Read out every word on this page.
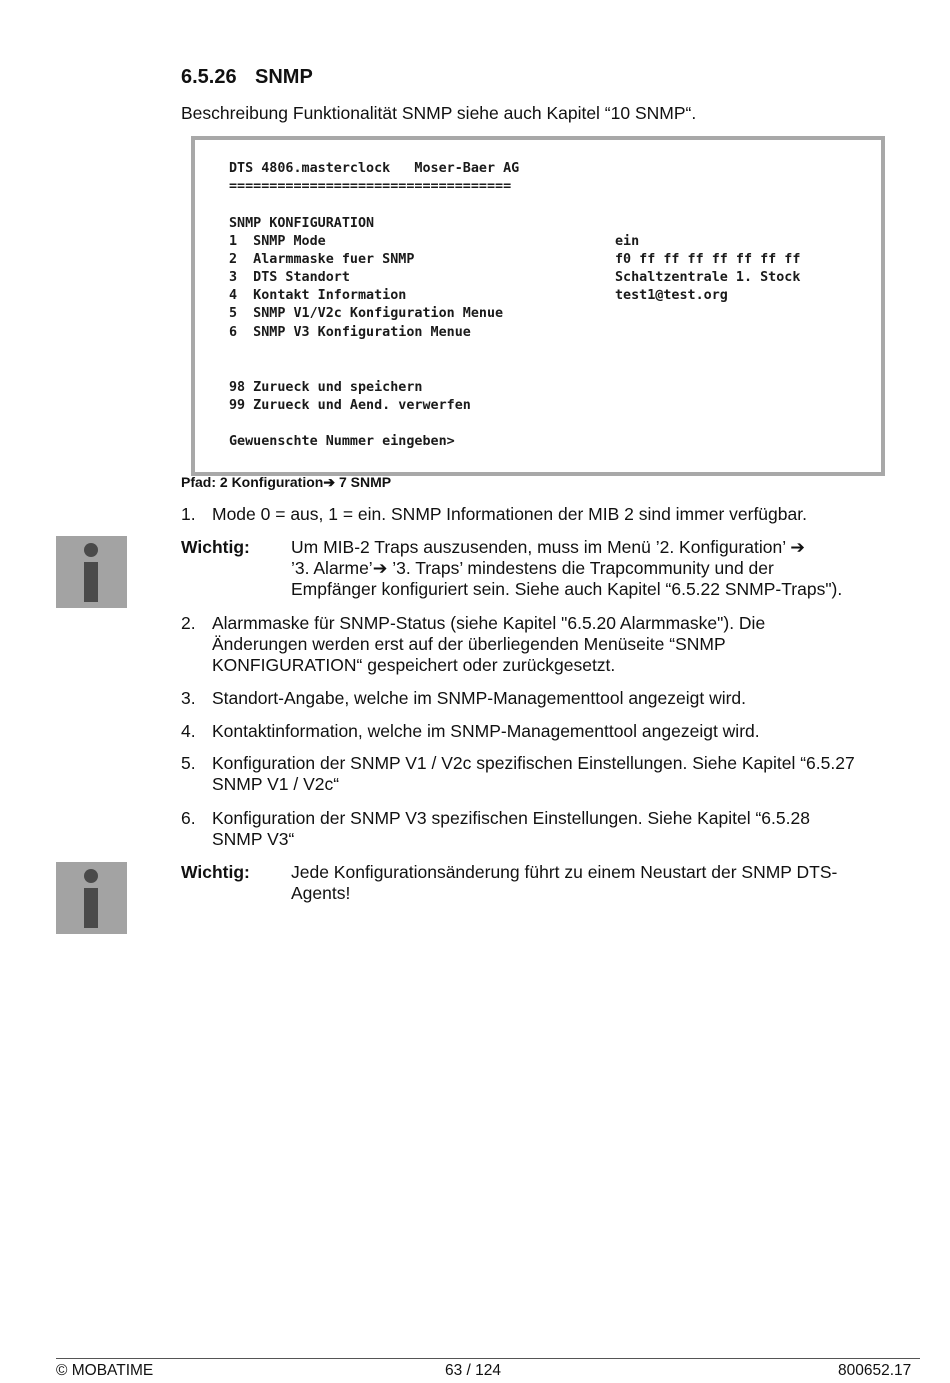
6.5.26 SNMP
Beschreibung Funktionalität SNMP siehe auch Kapitel “10 SNMP“.
DTS 4806.masterclock   Moser-Baer AG
===================================
SNMP KONFIGURATION
1  SNMP Mode	ein
2  Alarmmaske fuer SNMP	f0 ff ff ff ff ff ff ff
3  DTS Standort	Schaltzentrale 1. Stock
4  Kontakt Information	test1@test.org
5  SNMP V1/V2c Konfiguration Menue
6  SNMP V3 Konfiguration Menue
98 Zurueck und speichern
99 Zurueck und Aend. verwerfen
Gewuenschte Nummer eingeben>
Pfad: 2 Konfiguration➔ 7 SNMP
1. Mode 0 = aus, 1 = ein. SNMP Informationen der MIB 2 sind immer verfügbar.
Wichtig: Um MIB-2 Traps auszusenden, muss im Menü ’2. Konfiguration’ ➔
’3. Alarme’➔ ’3. Traps’ mindestens die Trapcommunity und der
Empfänger konfiguriert sein. Siehe auch Kapitel “6.5.22 SNMP-Traps").
2. Alarmmaske für SNMP-Status (siehe Kapitel "6.5.20 Alarmmaske"). Die
Änderungen werden erst auf der überliegenden Menüseite “SNMP
KONFIGURATION“ gespeichert oder zurückgesetzt.
3. Standort-Angabe, welche im SNMP-Managementtool angezeigt wird.
4. Kontaktinformation, welche im SNMP-Managementtool angezeigt wird.
5. Konfiguration der SNMP V1 / V2c spezifischen Einstellungen. Siehe Kapitel “6.5.27
SNMP V1 / V2c“
6. Konfiguration der SNMP V3 spezifischen Einstellungen. Siehe Kapitel “6.5.28
SNMP V3“
Wichtig: Jede Konfigurationsänderung führt zu einem Neustart der SNMP DTS-
Agents!
© MOBATIME	63 / 124	800652.17
